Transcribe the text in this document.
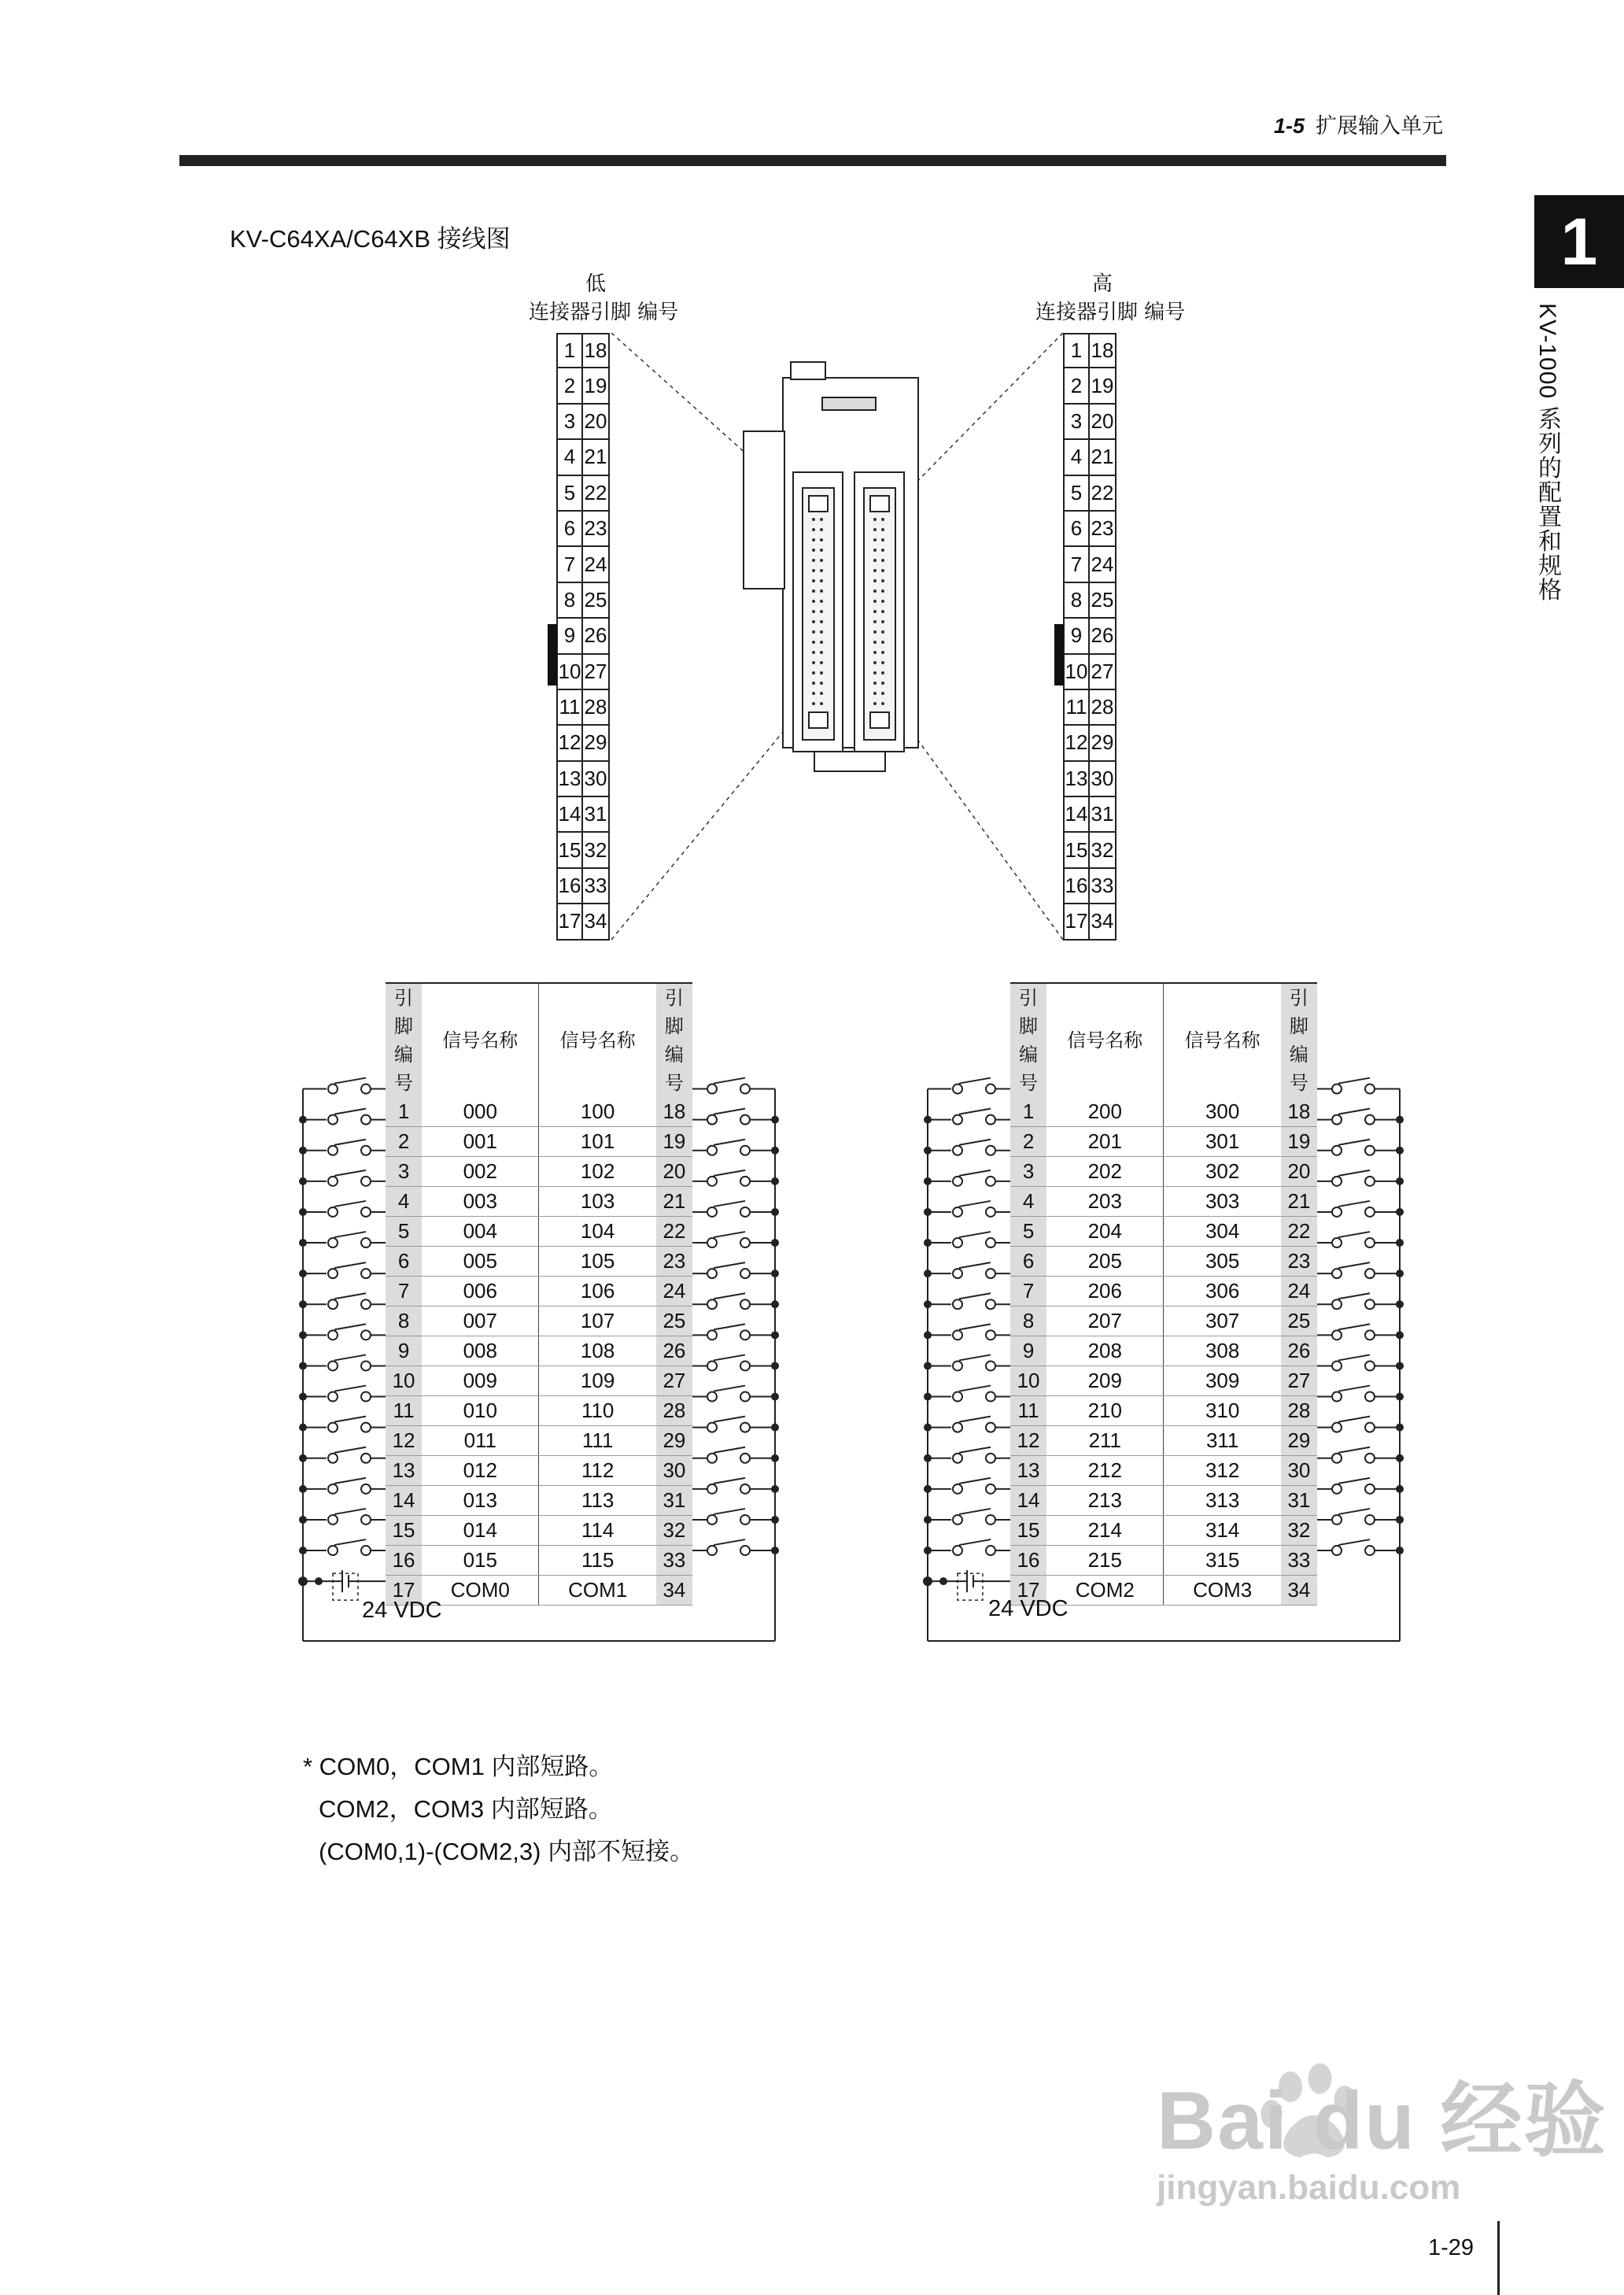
1-5 扩展输入单元
1
KV-1000 系列的配置和规格
KV-C64XA/C64XB 接线图
低
连接器引脚 编号
高
连接器引脚 编号
1 18
2 19
3 20
4 21
5 22
6 23
7 24
8 25
9 26
10 27
11 28
12 29
13 30
14 31
15 32
16 33
17 34
1 18
2 19
3 20
4 21
5 22
6 23
7 24
8 25
9 26
10 27
11 28
12 29
13 30
14 31
15 32
16 33
17 34
引脚编号	信号名称	信号名称	引脚编号
1	000	100	18
2	001	101	19
3	002	102	20
4	003	103	21
5	004	104	22
6	005	105	23
7	006	106	24
8	007	107	25
9	008	108	26
10	009	109	27
11	010	110	28
12	011	111	29
13	012	112	30
14	013	113	31
15	014	114	32
16	015	115	33
17	COM0	COM1	34
引脚编号	信号名称	信号名称	引脚编号
1	200	300	18
2	201	301	19
3	202	302	20
4	203	303	21
5	204	304	22
6	205	305	23
7	206	306	24
8	207	307	25
9	208	308	26
10	209	309	27
11	210	310	28
12	211	311	29
13	212	312	30
14	213	313	31
15	214	314	32
16	215	315	33
17	COM2	COM3	34
24 VDC	24 VDC
* COM0，COM1 内部短路。
COM2，COM3 内部短路。
(COM0,1)-(COM2,3) 内部不短接。
Bai du 经验
jingyan.baidu.com
1-29
